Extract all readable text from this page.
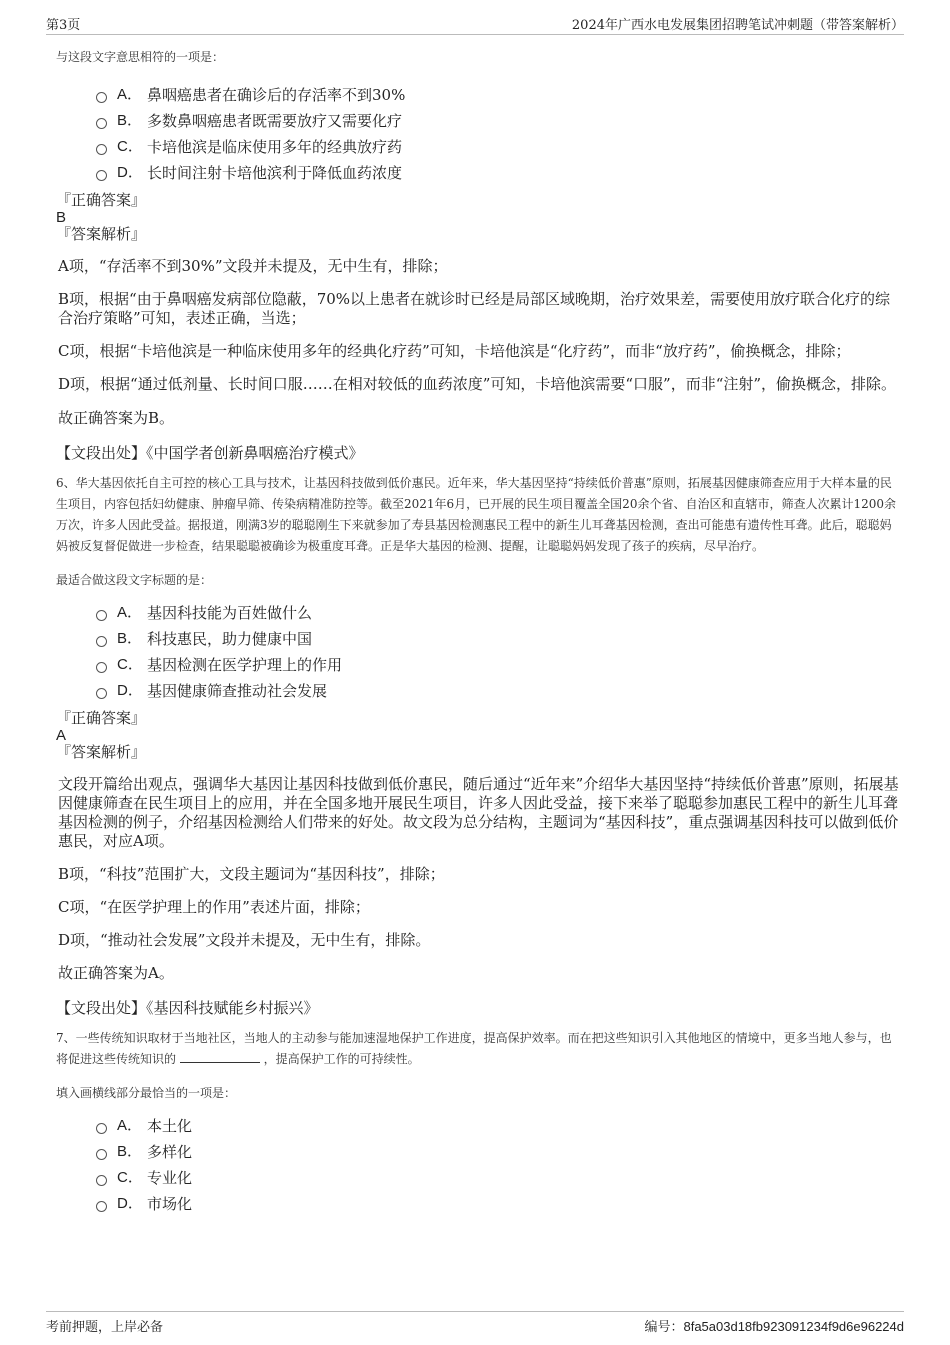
第3页	2024年广西水电发展集团招聘笔试冲刺题（带答案解析）

与这段文字意思相符的一项是：

A． 鼻咽癌患者在确诊后的存活率不到30%
B． 多数鼻咽癌患者既需要放疗又需要化疗
C． 卡培他滨是临床使用多年的经典放疗药
D． 长时间注射卡培他滨利于降低血药浓度

『正确答案』

B

『答案解析』

A项，“存活率不到30%”文段并未提及，无中生有，排除；

B项，根据“由于鼻咽癌发病部位隐蔽，70%以上患者在就诊时已经是局部区域晚期，治疗效果差，需要使用放疗联合化疗的综合治疗策略”可知，表述正确，当选；

C项，根据“卡培他滨是一种临床使用多年的经典化疗药”可知，卡培他滨是“化疗药”，而非“放疗药”，偷换概念，排除；

D项，根据“通过低剂量、长时间口服……在相对较低的血药浓度”可知，卡培他滨需要“口服”，而非“注射”，偷换概念，排除。

故正确答案为B。

【文段出处】《中国学者创新鼻咽癌治疗模式》

6、华大基因依托自主可控的核心工具与技术，让基因科技做到低价惠民。近年来，华大基因坚持“持续低价普惠”原则，拓展基因健康筛查应用于大样本量的民生项目，内容包括妇幼健康、肿瘤早筛、传染病精准防控等。截至2021年6月，已开展的民生项目覆盖全国20余个省、自治区和直辖市，筛查人次累计1200余万次，许多人因此受益。据报道，刚满3岁的聪聪刚生下来就参加了寿县基因检测惠民工程中的新生儿耳聋基因检测，查出可能患有遗传性耳聋。此后，聪聪妈妈被反复督促做进一步检查，结果聪聪被确诊为极重度耳聋。正是华大基因的检测、提醒，让聪聪妈妈发现了孩子的疾病，尽早治疗。

最适合做这段文字标题的是：

A． 基因科技能为百姓做什么
B． 科技惠民，助力健康中国
C． 基因检测在医学护理上的作用
D． 基因健康筛查推动社会发展

『正确答案』

A

『答案解析』

文段开篇给出观点，强调华大基因让基因科技做到低价惠民，随后通过“近年来”介绍华大基因坚持“持续低价普惠”原则，拓展基因健康筛查在民生项目上的应用，并在全国多地开展民生项目，许多人因此受益，接下来举了聪聪参加惠民工程中的新生儿耳聋基因检测的例子，介绍基因检测给人们带来的好处。故文段为总分结构，主题词为“基因科技”，重点强调基因科技可以做到低价惠民，对应A项。

B项，“科技”范围扩大，文段主题词为“基因科技”，排除；

C项，“在医学护理上的作用”表述片面，排除；

D项，“推动社会发展”文段并未提及，无中生有，排除。

故正确答案为A。

【文段出处】《基因科技赋能乡村振兴》

7、一些传统知识取材于当地社区，当地人的主动参与能加速湿地保护工作进度，提高保护效率。而在把这些知识引入其他地区的情境中，更多当地人参与，也将促进这些传统知识的	，提高保护工作的可持续性。

填入画横线部分最恰当的一项是：

A． 本土化
B． 多样化
C． 专业化
D． 市场化
考前押题，上岸必备	编号：8fa5a03d18fb923091234f9d6e96224d
